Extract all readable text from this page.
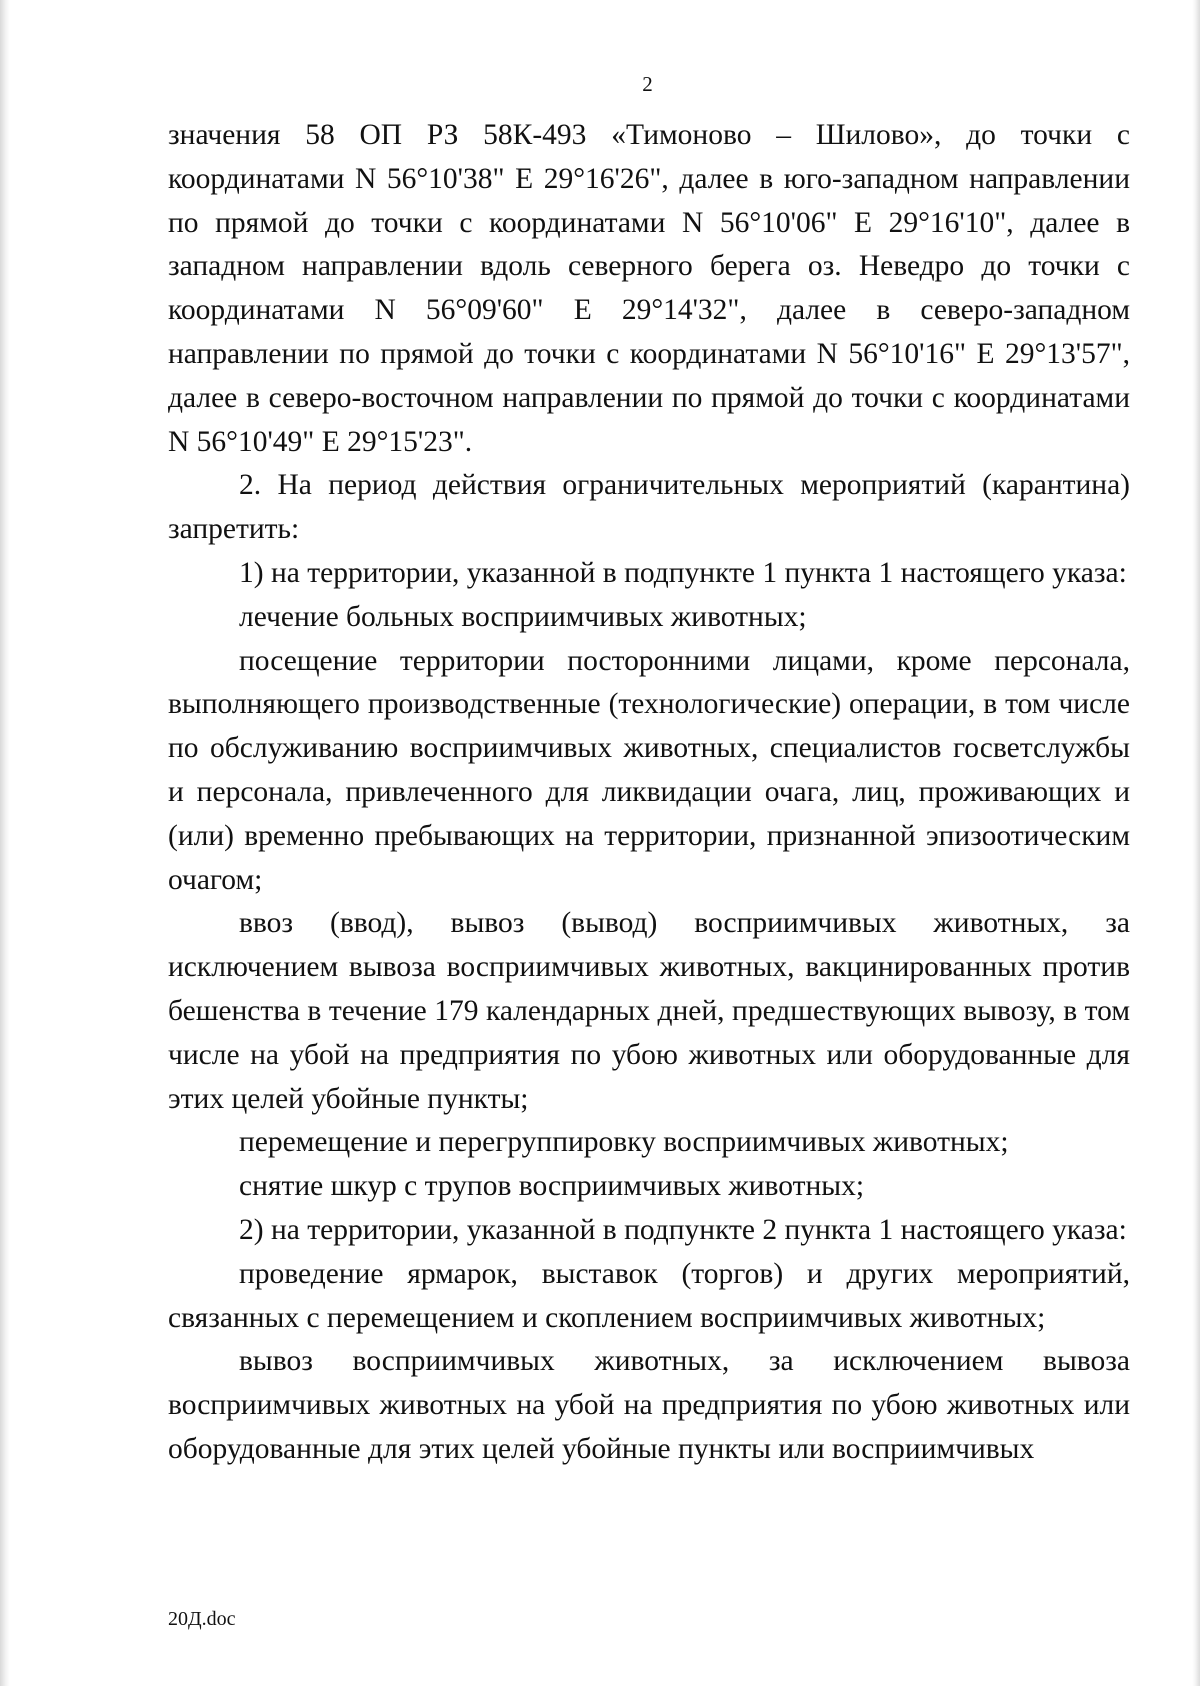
2

значения 58 ОП РЗ 58К-493 «Тимоново – Шилово», до точки с координатами N 56°10'38" E 29°16'26", далее в юго-западном направлении по прямой до точки с координатами N 56°10'06" E 29°16'10", далее в западном направлении вдоль северного берега оз. Неведро до точки с координатами N 56°09'60" E 29°14'32", далее в северо-западном направлении по прямой до точки с координатами N 56°10'16" E 29°13'57", далее в северо-восточном направлении по прямой до точки с координатами N 56°10'49" E 29°15'23".

2. На период действия ограничительных мероприятий (карантина) запретить:

1) на территории, указанной в подпункте 1 пункта 1 настоящего указа:

лечение больных восприимчивых животных;

посещение территории посторонними лицами, кроме персонала, выполняющего производственные (технологические) операции, в том числе по обслуживанию восприимчивых животных, специалистов госветслужбы и персонала, привлеченного для ликвидации очага, лиц, проживающих и (или) временно пребывающих на территории, признанной эпизоотическим очагом;

ввоз (ввод), вывоз (вывод) восприимчивых животных, за исключением вывоза восприимчивых животных, вакцинированных против бешенства в течение 179 календарных дней, предшествующих вывозу, в том числе на убой на предприятия по убою животных или оборудованные для этих целей убойные пункты;

перемещение и перегруппировку восприимчивых животных;

снятие шкур с трупов восприимчивых животных;

2) на территории, указанной в подпункте 2 пункта 1 настоящего указа:

проведение ярмарок, выставок (торгов) и других мероприятий, связанных с перемещением и скоплением восприимчивых животных;

вывоз восприимчивых животных, за исключением вывоза восприимчивых животных на убой на предприятия по убою животных или оборудованные для этих целей убойные пункты или восприимчивых

20Д.doc
